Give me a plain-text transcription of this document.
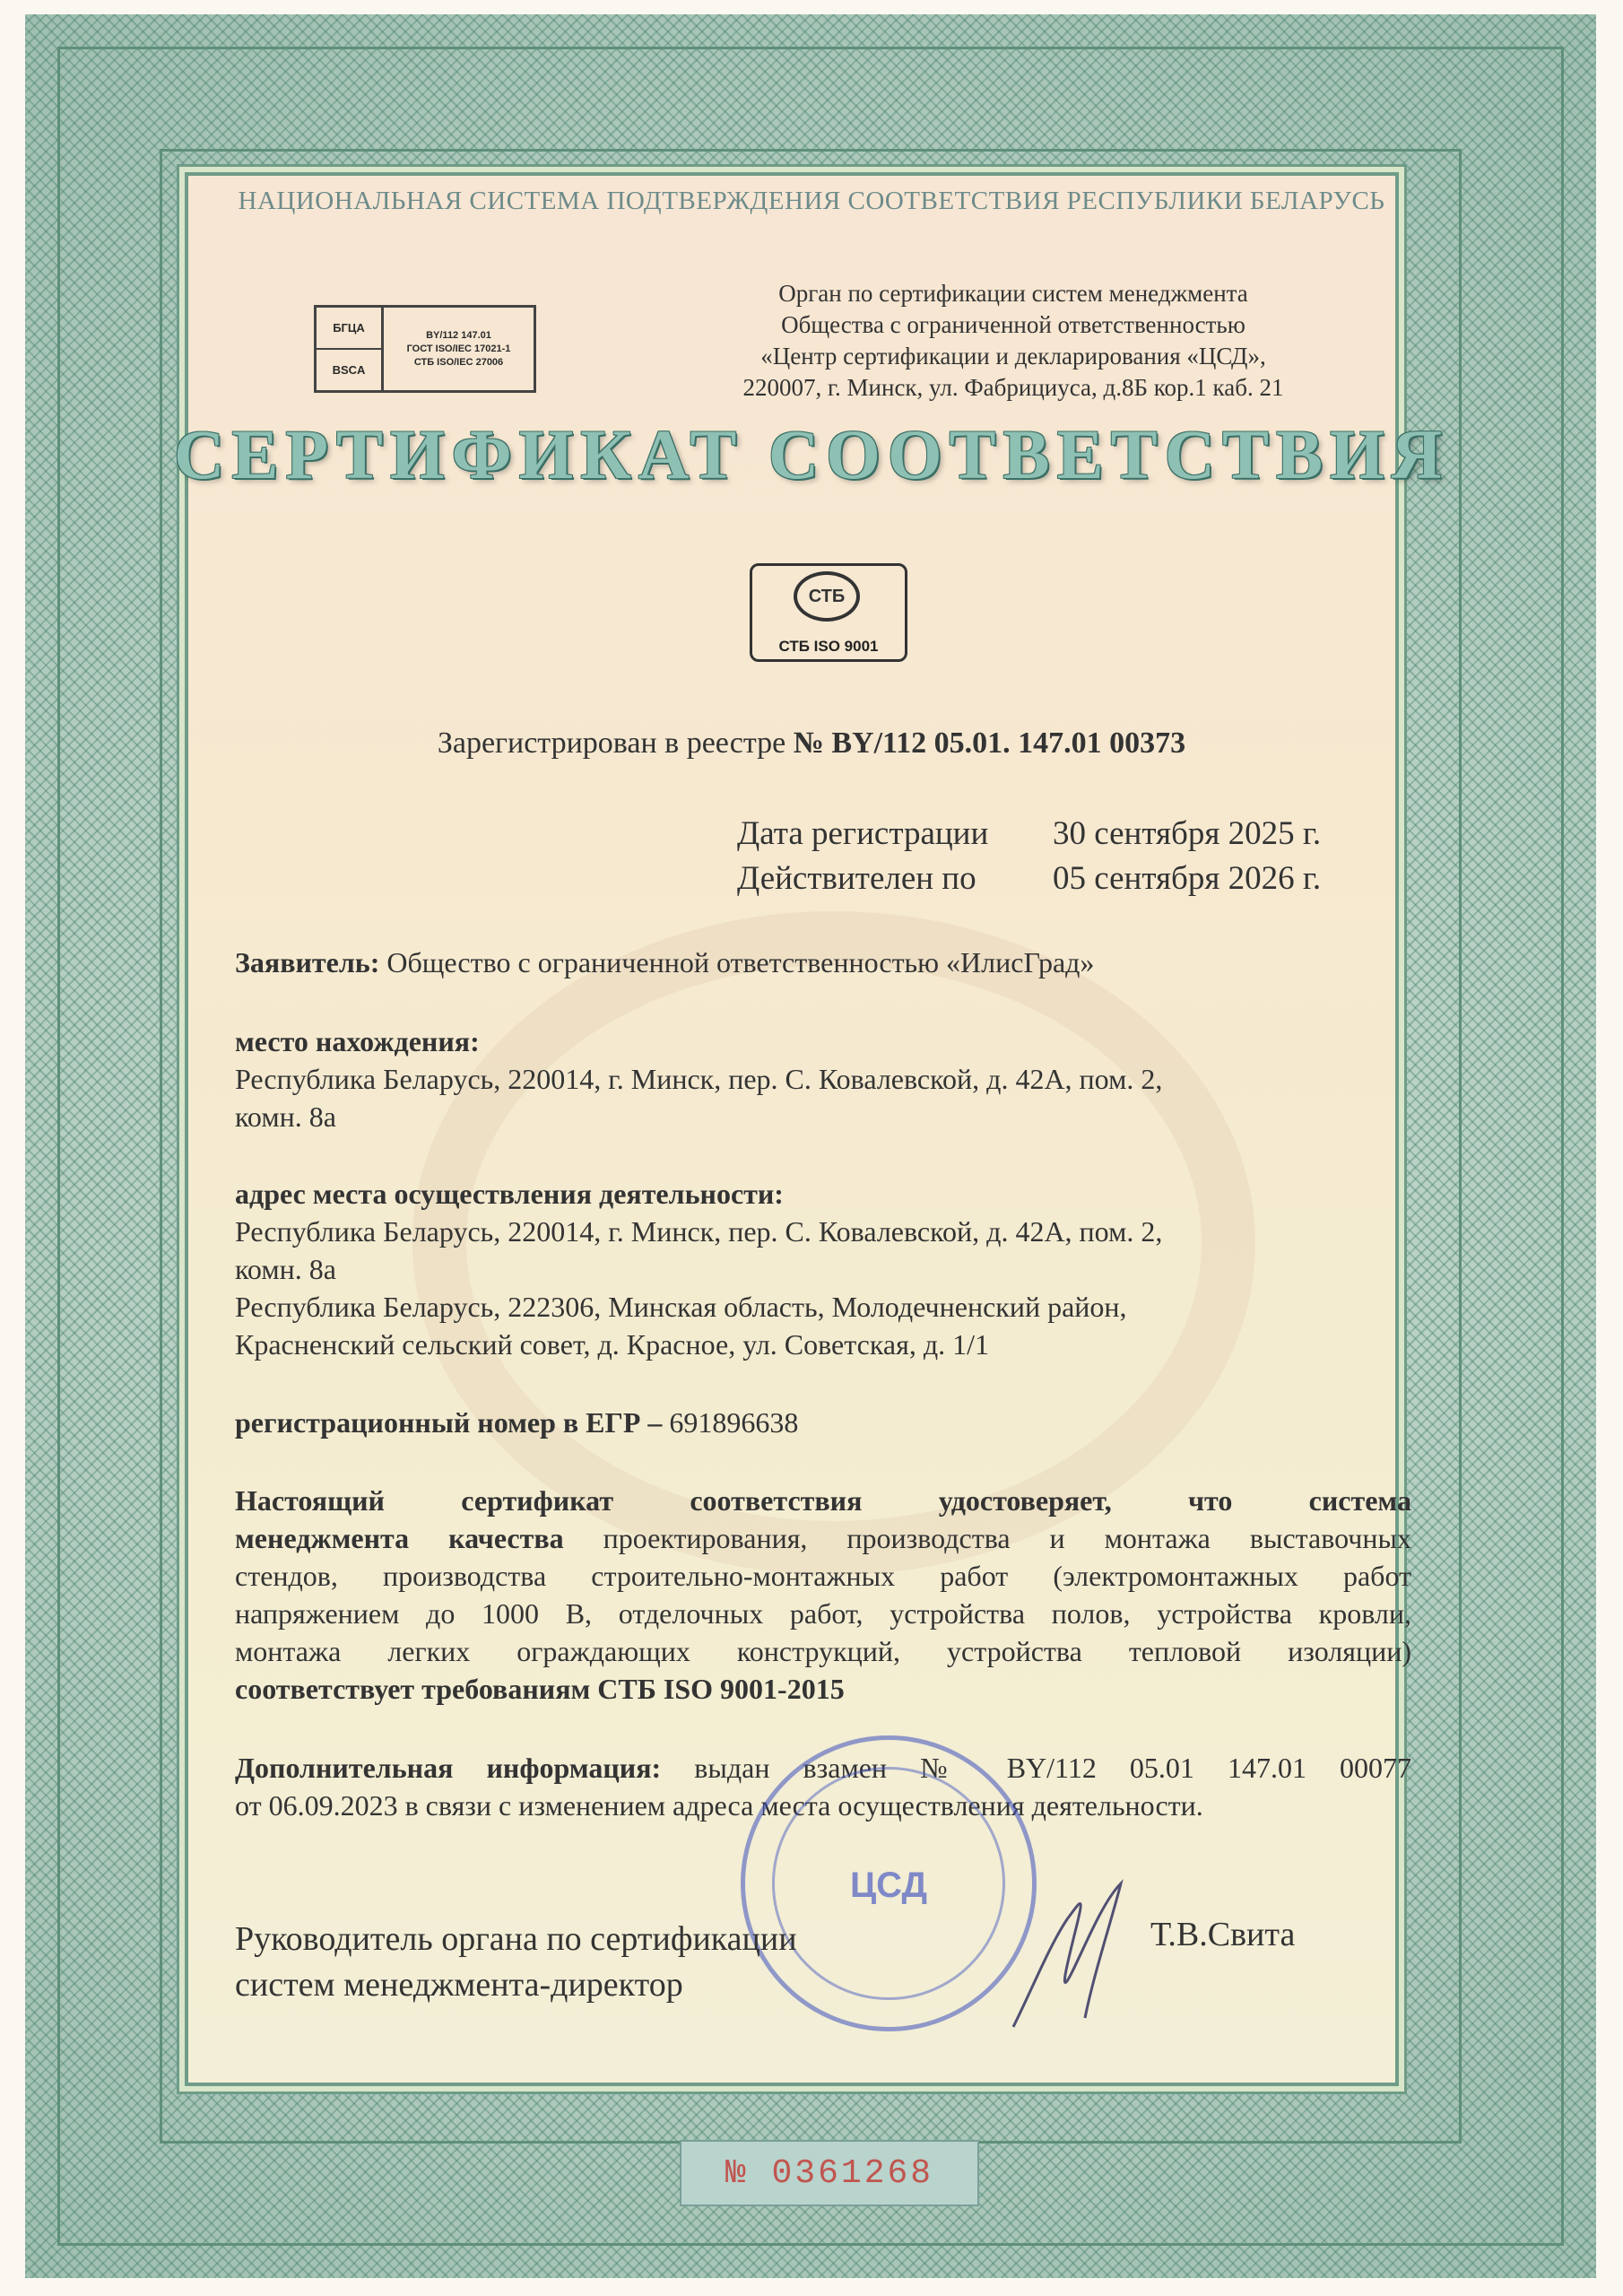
НАЦИОНАЛЬНАЯ СИСТЕМА ПОДТВЕРЖДЕНИЯ СООТВЕТСТВИЯ РЕСПУБЛИКИ БЕЛАРУСЬ
БГЦА
BSCA
BY/112 147.01
ГОСТ ISO/IEC 17021-1
СТБ ISO/IEC 27006
Орган по сертификации систем менеджмента
Общества с ограниченной ответственностью
«Центр сертификации и декларирования «ЦСД»,
220007, г. Минск, ул. Фабрициуса, д.8Б кор.1 каб. 21
СЕРТИФИКАТ СООТВЕТСТВИЯ
СТБ
СТБ ISO 9001
Зарегистрирован в реестре № BY/112 05.01. 147.01 00373
Дата регистрации 30 сентября 2025 г.
Действителен по 05 сентября 2026 г.
Заявитель: Общество с ограниченной ответственностью «ИлисГрад»
место нахождения:
Республика Беларусь, 220014, г. Минск, пер. С. Ковалевской, д. 42А, пом. 2,
комн. 8а
адрес места осуществления деятельности:
Республика Беларусь, 220014, г. Минск, пер. С. Ковалевской, д. 42А, пом. 2,
комн. 8а
Республика Беларусь, 222306, Минская область, Молодечненский район,
Красненский сельский совет, д. Красное, ул. Советская, д. 1/1
регистрационный номер в ЕГР – 691896638
Настоящий сертификат соответствия удостоверяет, что система
менеджмента качества проектирования, производства и монтажа выставочных
стендов, производства строительно-монтажных работ (электромонтажных работ
напряжением до 1000 В, отделочных работ, устройства полов, устройства кровли,
монтажа легких ограждающих конструкций, устройства тепловой изоляции)
соответствует требованиям СТБ ISO 9001-2015
Дополнительная информация: выдан взамен № BY/112 05.01 147.01 00077
от 06.09.2023 в связи с изменением адреса места осуществления деятельности.
ЦСД
Руководитель органа по сертификации
систем менеджмента-директор
Т.В.Свита
№ 0361268
